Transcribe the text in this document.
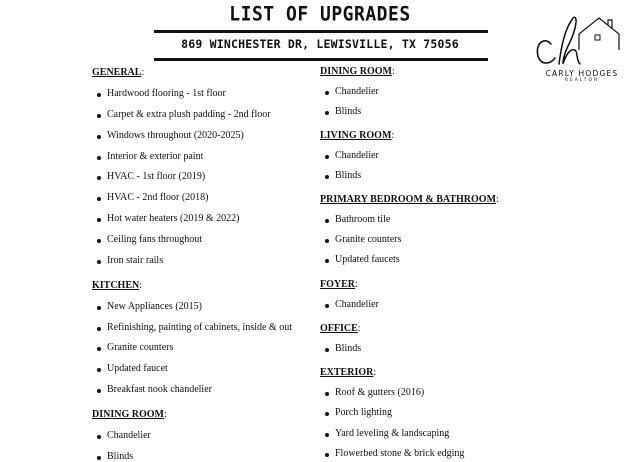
LIST OF UPGRADES
869 WINCHESTER DR, LEWISVILLE, TX 75056
CARLY HODGES
REALTOR
GENERAL:
Hardwood flooring - 1st floor
Carpet & extra plush padding - 2nd floor
Windows throughout (2020-2025)
Interior & exterior paint
HVAC - 1st floor (2019)
HVAC - 2nd floor (2018)
Hot water heaters (2019 & 2022)
Ceiling fans throughout
Iron stair rails
KITCHEN:
New Appliances (2015)
Refinishing, painting of cabinets, inside & out
Granite counters
Updated faucet
Breakfast nook chandelier
DINING ROOM:
Chandelier
Blinds
DINING ROOM:
Chandelier
Blinds
LIVING ROOM:
Chandelier
Blinds
PRIMARY BEDROOM & BATHROOM:
Bathroom tile
Granite counters
Updated faucets
FOYER:
Chandelier
OFFICE:
Blinds
EXTERIOR:
Roof & gutters (2016)
Porch lighting
Yard leveling & landscaping
Flowerbed stone & brick edging
